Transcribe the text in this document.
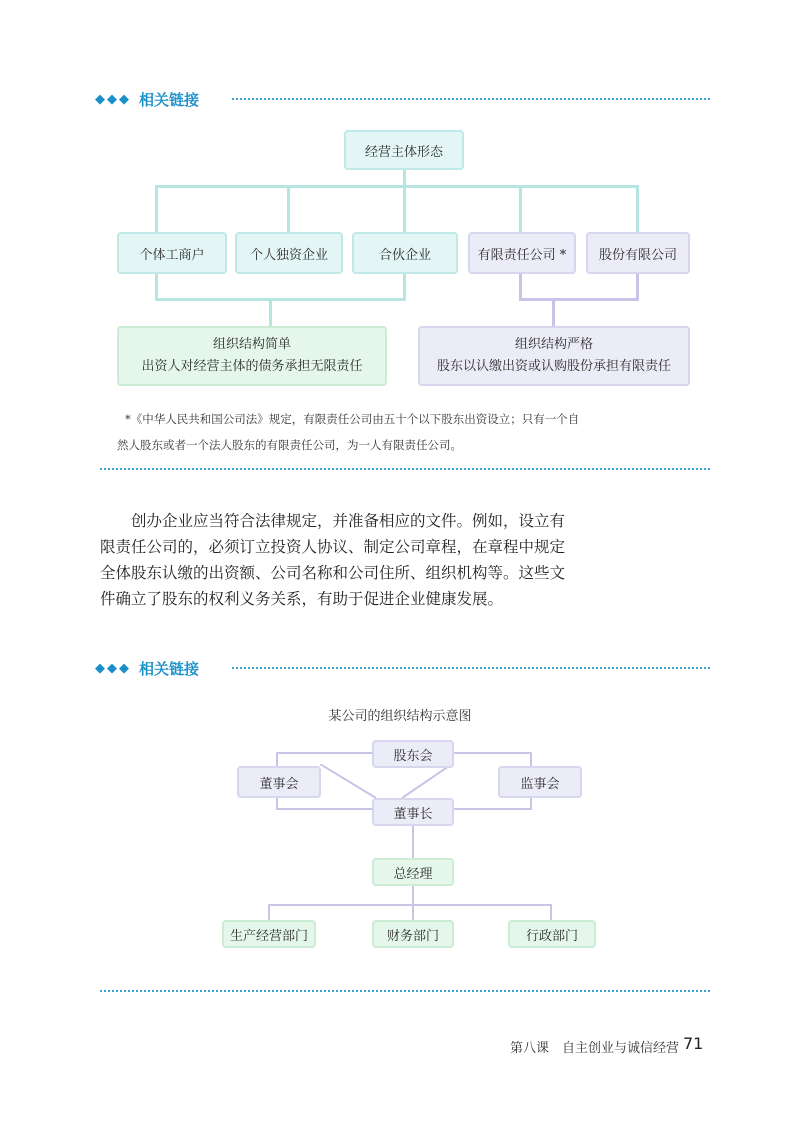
◆◆◆ 相关链接
经营主体形态
个体工商户	个人独资企业	合伙企业	有限责任公司 *	股份有限公司
组织结构简单
出资人对经营主体的债务承担无限责任
组织结构严格
股东以认缴出资或认购股份承担有限责任
*《中华人民共和国公司法》规定，有限责任公司由五十个以下股东出资设立；只有一个自
然人股东或者一个法人股东的有限责任公司，为一人有限责任公司。

创办企业应当符合法律规定，并准备相应的文件。例如，设立有限责任公司的，必须订立投资人协议、制定公司章程，在章程中规定全体股东认缴的出资额、公司名称和公司住所、组织机构等。这些文件确立了股东的权利义务关系，有助于促进企业健康发展。

◆◆◆ 相关链接
某公司的组织结构示意图
股东会
董事会	监事会
董事长
总经理
生产经营部门	财务部门	行政部门
第八课　自主创业与诚信经营 71
